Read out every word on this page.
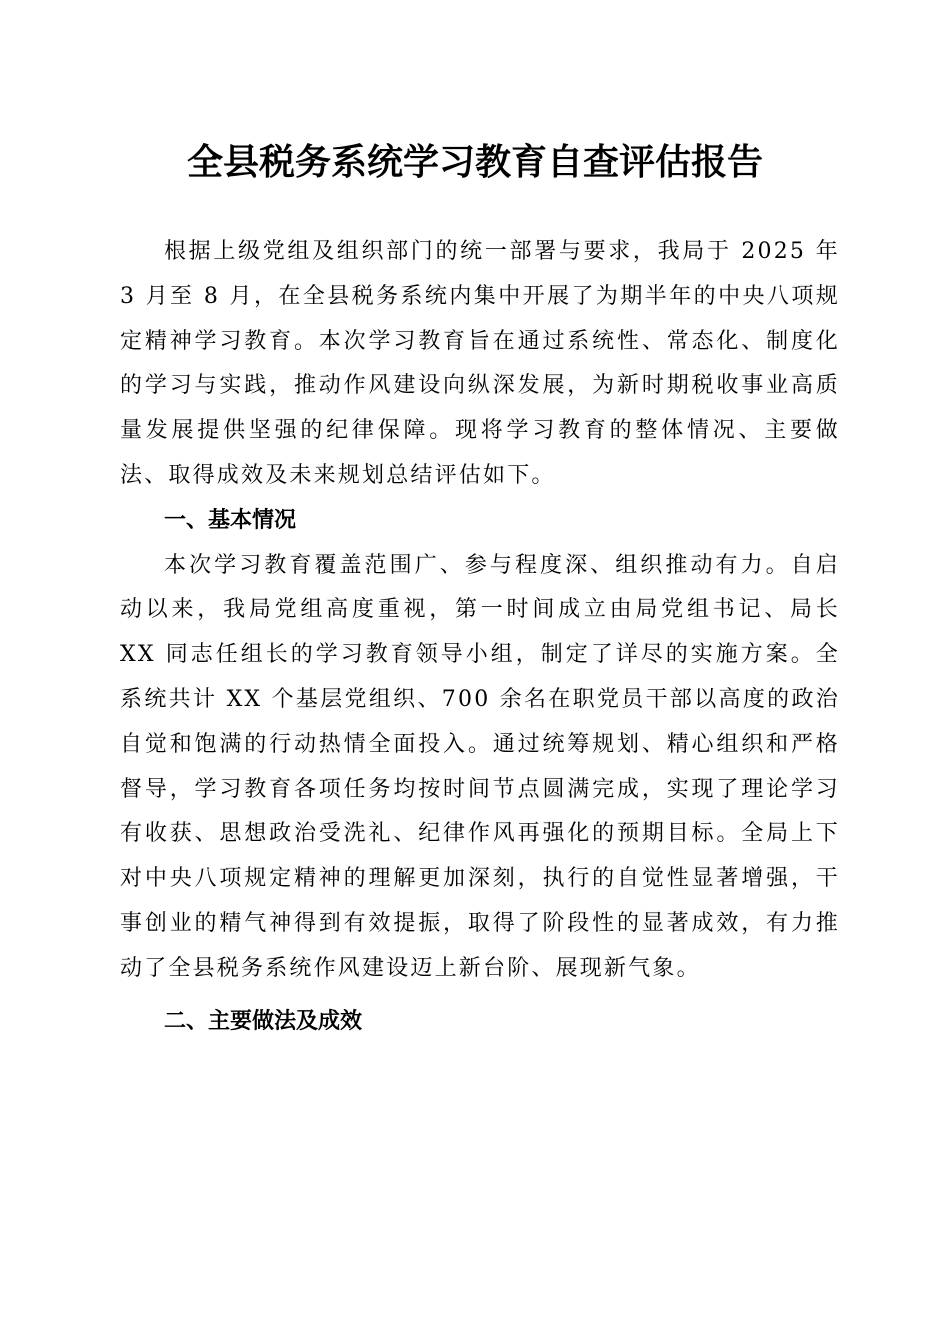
全县税务系统学习教育自查评估报告

根据上级党组及组织部门的统一部署与要求，我局于 2025 年 3 月至 8 月，在全县税务系统内集中开展了为期半年的中央八项规定精神学习教育。本次学习教育旨在通过系统性、常态化、制度化的学习与实践，推动作风建设向纵深发展，为新时期税收事业高质量发展提供坚强的纪律保障。现将学习教育的整体情况、主要做法、取得成效及未来规划总结评估如下。

一、基本情况

本次学习教育覆盖范围广、参与程度深、组织推动有力。自启动以来，我局党组高度重视，第一时间成立由局党组书记、局长 XX 同志任组长的学习教育领导小组，制定了详尽的实施方案。全系统共计 XX 个基层党组织、700 余名在职党员干部以高度的政治自觉和饱满的行动热情全面投入。通过统筹规划、精心组织和严格督导，学习教育各项任务均按时间节点圆满完成，实现了理论学习有收获、思想政治受洗礼、纪律作风再强化的预期目标。全局上下对中央八项规定精神的理解更加深刻，执行的自觉性显著增强，干事创业的精气神得到有效提振，取得了阶段性的显著成效，有力推动了全县税务系统作风建设迈上新台阶、展现新气象。

二、主要做法及成效
